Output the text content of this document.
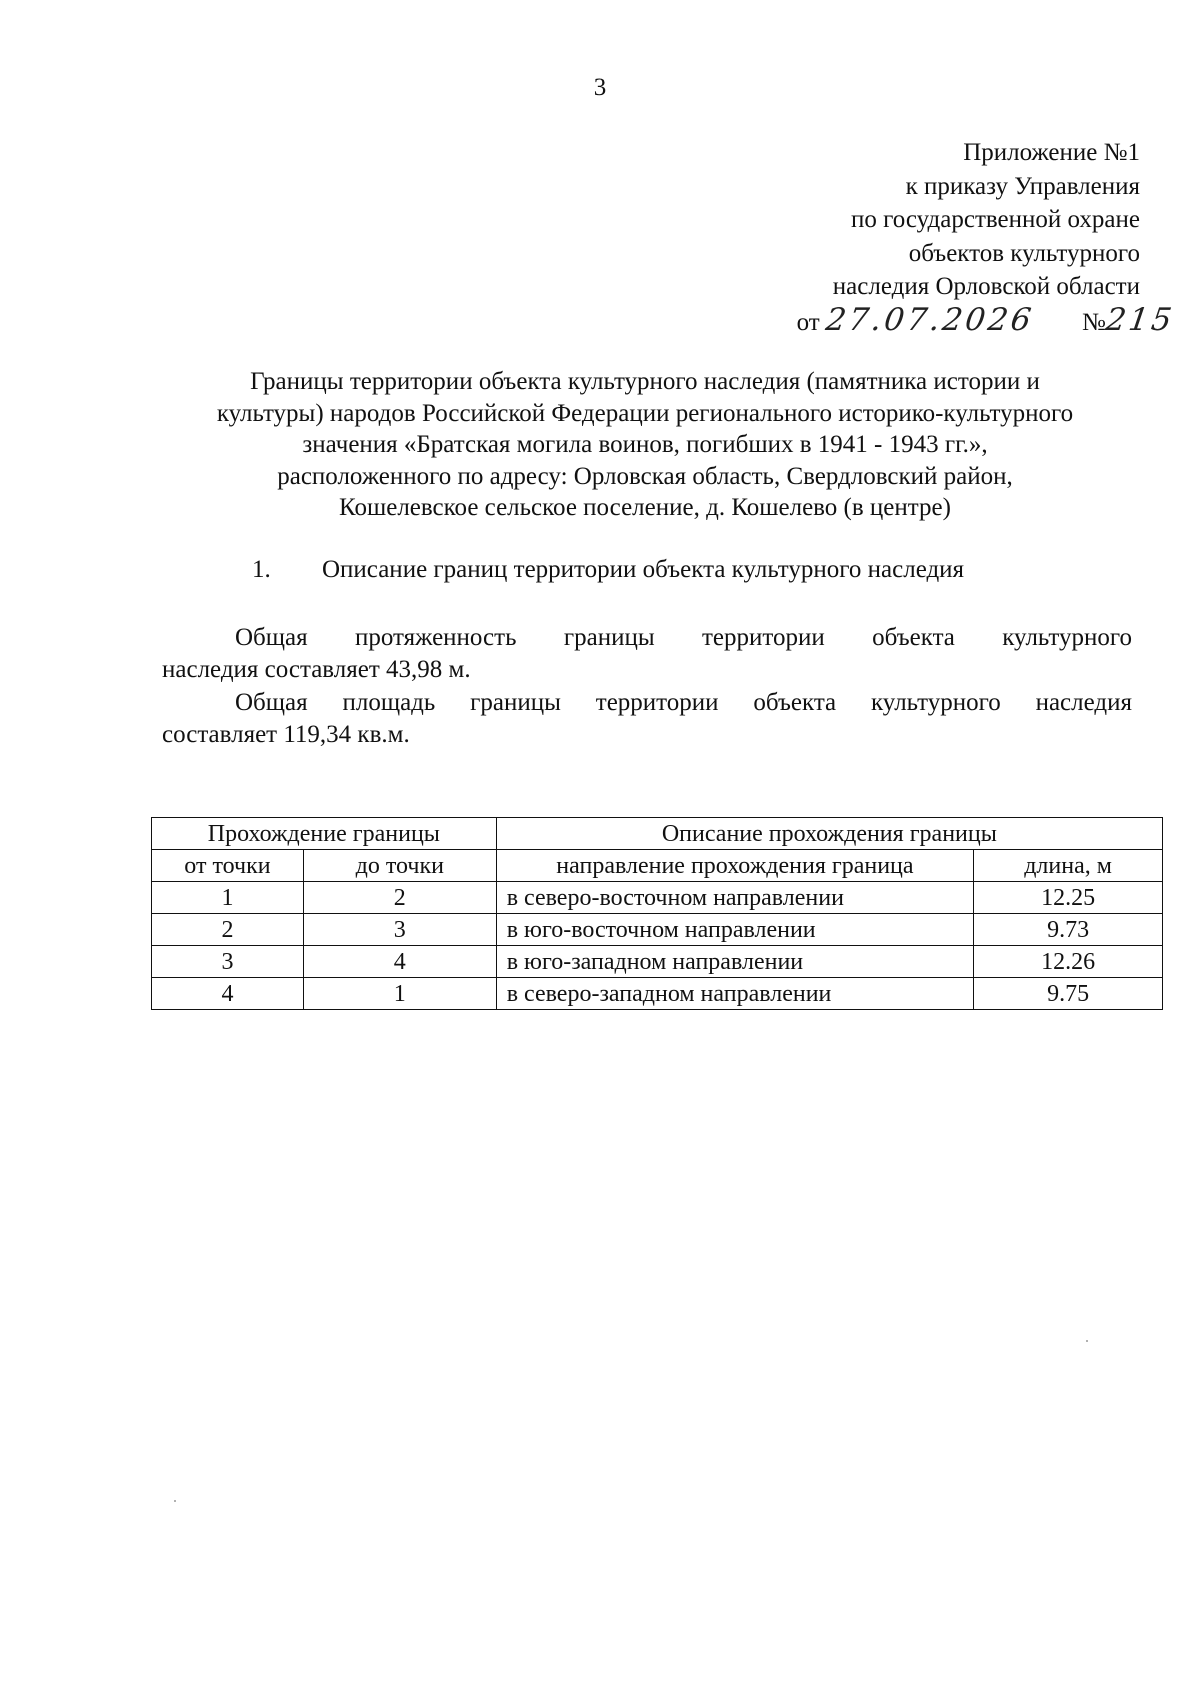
3
Приложение №1
к приказу Управления
по государственной охране
объектов культурного
наследия Орловской области
от 27.07.2026 №215
Границы территории объекта культурного наследия (памятника истории и
культуры) народов Российской Федерации регионального историко-культурного
значения «Братская могила воинов, погибших в 1941 - 1943 гг.»,
расположенного по адресу: Орловская область, Свердловский район,
Кошелевское сельское поселение, д. Кошелево (в центре)
1. Описание границ территории объекта культурного наследия
Общая протяженность границы территории объекта культурного
наследия составляет 43,98 м.
Общая площадь границы территории объекта культурного наследия
составляет 119,34 кв.м.
Прохождение границы		Описание прохождения границы	
от точки	до точки	направление прохождения граница	длина, м
1	2	в северо-восточном направлении	12.25
2	3	в юго-восточном направлении	9.73
3	4	в юго-западном направлении	12.26
4	1	в северо-западном направлении	9.75
